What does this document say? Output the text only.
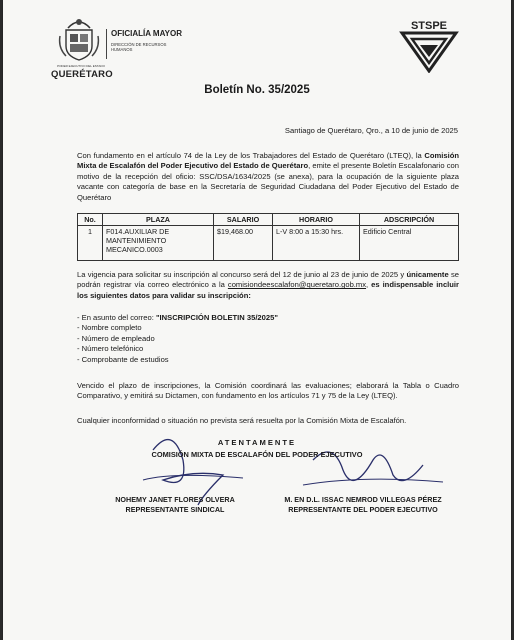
PODER EJECUTIVO DEL ESTADO
QUERÉTARO
OFICIALÍA MAYOR
DIRECCIÓN DE RECURSOS HUMANOS
STSPE
Boletín No. 35/2025
Santiago de Querétaro, Qro., a 10 de junio de 2025
Con fundamento en el artículo 74 de la Ley de los Trabajadores del Estado de Querétaro (LTEQ), la Comisión Mixta de Escalafón del Poder Ejecutivo del Estado de Querétaro, emite el presente Boletín Escalafonario con motivo de la recepción del oficio: SSC/DSA/1634/2025 (se anexa), para la ocupación de la siguiente plaza vacante con categoría de base en la Secretaría de Seguridad Ciudadana del Poder Ejecutivo del Estado de Querétaro
No.	PLAZA	SALARIO	HORARIO	ADSCRIPCIÓN
1	F014.AUXILIAR DE MANTENIMIENTO MECANICO.0003	$19,468.00	L-V 8:00 a 15:30 hrs.	Edificio Central
La vigencia para solicitar su inscripción al concurso será del 12 de junio al 23 de junio de 2025 y únicamente se podrán registrar vía correo electrónico a la comisiondeescalafon@queretaro.gob.mx, es indispensable incluir los siguientes datos para validar su inscripción:
- En asunto del correo: "INSCRIPCIÓN BOLETIN 35/2025"
- Nombre completo
- Número de empleado
- Número telefónico
- Comprobante de estudios
Vencido el plazo de inscripciones, la Comisión coordinará las evaluaciones; elaborará la Tabla o Cuadro Comparativo, y emitirá su Dictamen, con fundamento en los artículos 71 y 75 de la Ley (LTEQ).
Cualquier inconformidad o situación no prevista será resuelta por la Comisión Mixta de Escalafón.
ATENTAMENTE
COMISIÓN MIXTA DE ESCALAFÓN DEL PODER EJECUTIVO
NOHEMY JANET FLORES OLVERA
REPRESENTANTE SINDICAL
M. EN D.L. ISSAC NEMROD VILLEGAS PÉREZ
REPRESENTANTE DEL PODER EJECUTIVO
